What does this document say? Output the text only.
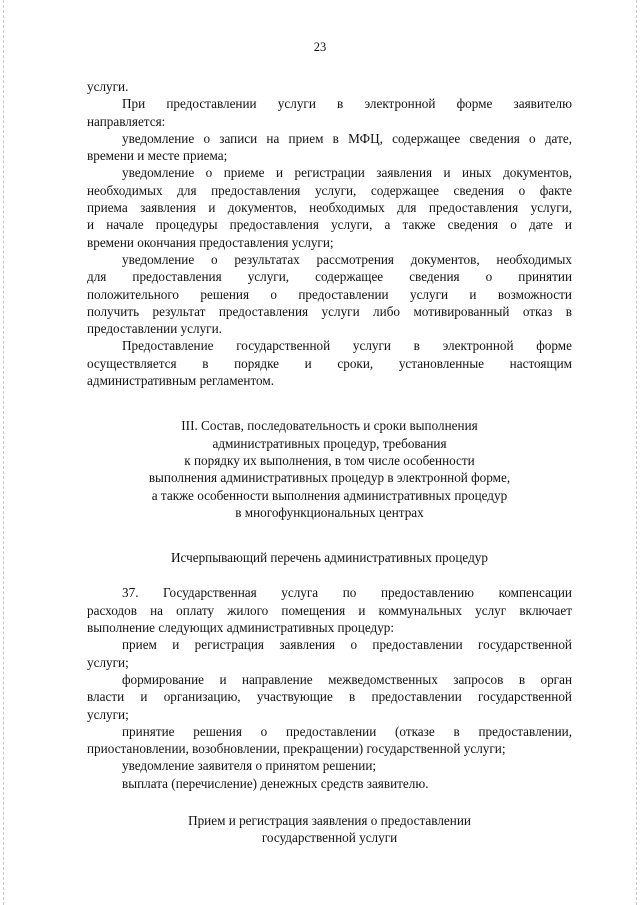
23
услуги.
При предоставлении услуги в электронной форме заявителю
направляется:
уведомление о записи на прием в МФЦ, содержащее сведения о дате,
времени и месте приема;
уведомление о приеме и регистрации заявления и иных документов,
необходимых для предоставления услуги, содержащее сведения о факте
приема заявления и документов, необходимых для предоставления услуги,
и начале процедуры предоставления услуги, а также сведения о дате и
времени окончания предоставления услуги;
уведомление о результатах рассмотрения документов, необходимых
для предоставления услуги, содержащее сведения о принятии
положительного решения о предоставлении услуги и возможности
получить результат предоставления услуги либо мотивированный отказ в
предоставлении услуги.
Предоставление государственной услуги в электронной форме
осуществляется в порядке и сроки, установленные настоящим
административным регламентом.
III. Состав, последовательность и сроки выполнения
административных процедур, требования
к порядку их выполнения, в том числе особенности
выполнения административных процедур в электронной форме,
а также особенности выполнения административных процедур
в многофункциональных центрах

Исчерпывающий перечень административных процедур

37. Государственная услуга по предоставлению компенсации
расходов на оплату жилого помещения и коммунальных услуг включает
выполнение следующих административных процедур:
прием и регистрация заявления о предоставлении государственной
услуги;
формирование и направление межведомственных запросов в орган
власти и организацию, участвующие в предоставлении государственной
услуги;
принятие решения о предоставлении (отказе в предоставлении,
приостановлении, возобновлении, прекращении) государственной услуги;
уведомление заявителя о принятом решении;
выплата (перечисление) денежных средств заявителю.
Прием и регистрация заявления о предоставлении
государственной услуги
